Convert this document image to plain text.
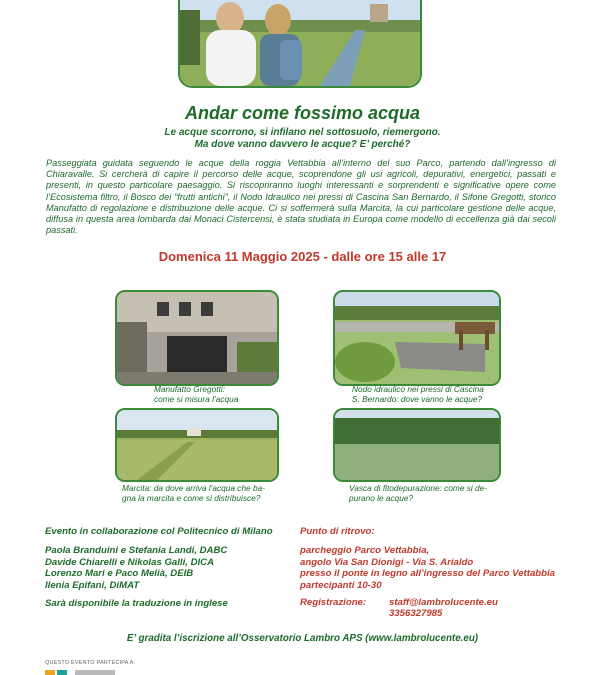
Andar come fossimo acqua
Le acque scorrono, si infilano nel sottosuolo, riemergono.
Ma dove vanno davvero le acque? E’ perché?
Passeggiata guidata seguendo le acque della roggia Vettabbia all’interno del suo Parco, partendo dall’ingresso di Chiaravalle. Si cercherà di capire il percorso delle acque, scoprendone gli usi agricoli, depurativi, energetici, passati e presenti, in questo particolare paesaggio. Si riscopriranno luoghi interessanti e sorprendenti e significative opere come l’Ecosistema filtro, il Bosco dei “frutti antichi”, il Nodo Idraulico nei pressi di Cascina San Bernardo, il Sifone Gregotti, storico Manufatto di regolazione e distribuzione delle acque. Ci si soffermerà sulla Marcita, la cui particolare gestione delle acque, diffusa in questa area lombarda dai Monaci Cistercensi, è stata studiata in Europa come modello di eccellenza già dai secoli passati.
Domenica 11 Maggio 2025 - dalle ore 15 alle 17
Manufatto Gregotti:
come si misura l’acqua
Nodo idraulico nei pressi di Cascina
S. Bernardo: dove vanno le acque?
Marcita: da dove arriva l’acqua che ba-
gna la marcita e come si distribuisce?
Vasca di fitodepurazione: come si de-
purano le acque?
Evento in collaborazione col Politecnico di Milano
Paola Branduini e Stefania Landi, DABC
Davide Chiarelli e Nikolas Galli, DICA
Lorenzo Mari e Paco Melià, DEIB
Ilenia Epifani, DiMAT
Sarà disponibile la traduzione in inglese
Punto di ritrovo:
parcheggio Parco Vettabbia,
angolo Via San Dionigi - Via S. Arialdo
presso il ponte in legno all’ingresso del Parco Vettabbia
partecipanti 10-30
Registrazione: staff@lambrolucente.eu
3356327985
E’ gradita l’iscrizione all’Osservatorio Lambro APS (www.lambrolucente.eu)
QUESTO EVENTO PARTECIPA A:
